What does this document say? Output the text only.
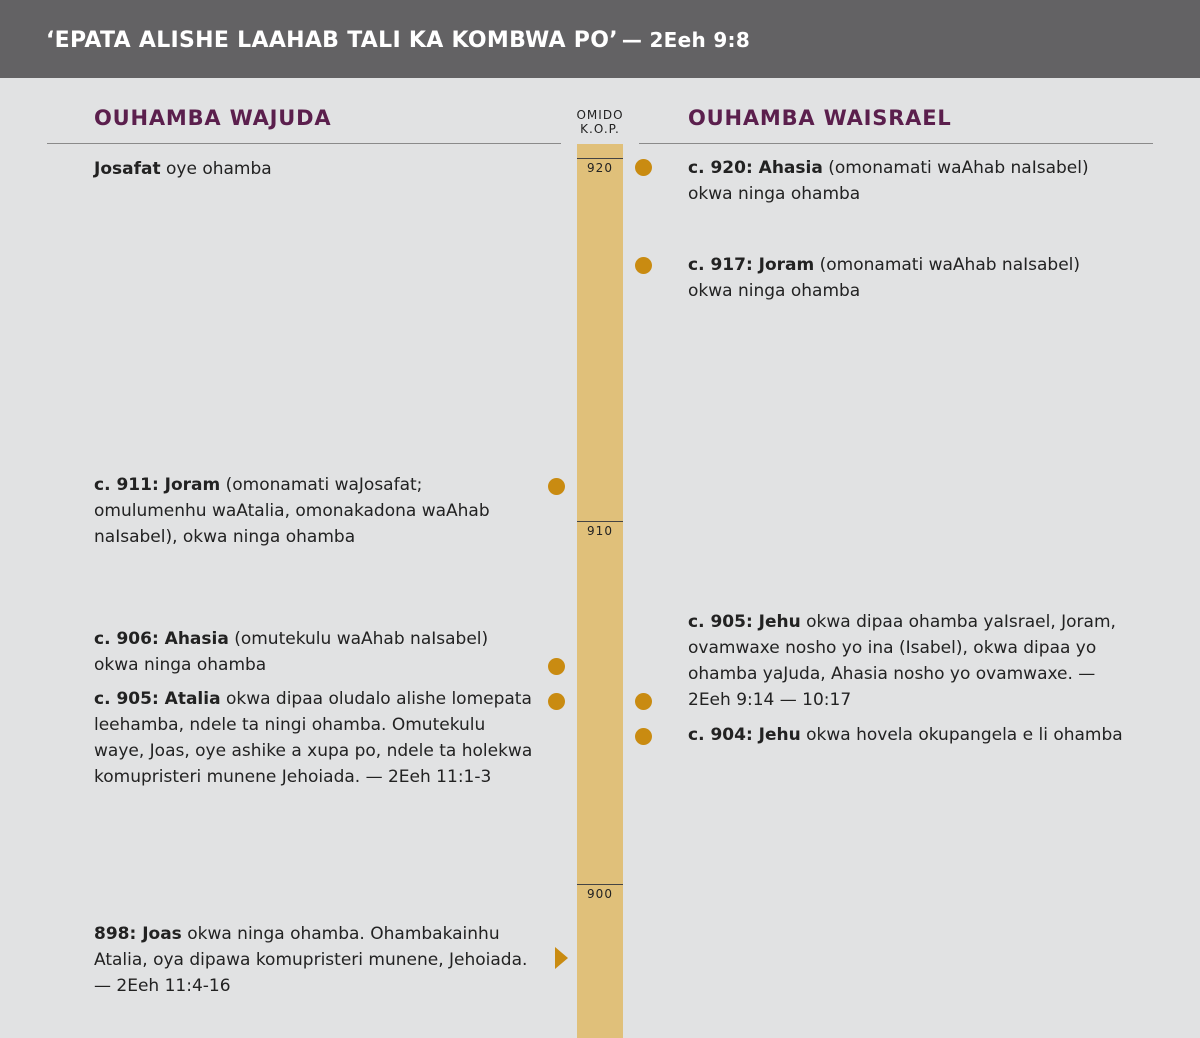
‘EPATA ALISHE LAAHAB TALI KA KOMBWA PO’ — 2Eeh 9:8
OUHAMBA WAJUDA	OUHAMBA WAISRAEL
OMIDO
K.O.P.
920
910
900
Josafat oye ohamba
c. 911: Joram (omonamati waJosafat; omulumenhu waAtalia, omonakadona waAhab naIsabel), okwa ninga ohamba
c. 906: Ahasia (omutekulu waAhab naIsabel) okwa ninga ohamba
c. 905: Atalia okwa dipaa oludalo alishe lomepata leehamba, ndele ta ningi ohamba. Omutekulu waye, Joas, oye ashike a xupa po, ndele ta holekwa komupristeri munene Jehoiada. — 2Eeh 11:1-3
898: Joas okwa ninga ohamba. Ohambakainhu Atalia, oya dipawa komupristeri munene, Jehoiada. — 2Eeh 11:4-16
c. 920: Ahasia (omonamati waAhab naIsabel) okwa ninga ohamba
c. 917: Joram (omonamati waAhab naIsabel) okwa ninga ohamba
c. 905: Jehu okwa dipaa ohamba yaIsrael, Joram, ovamwaxe nosho yo ina (Isabel), okwa dipaa yo ohamba yaJuda, Ahasia nosho yo ovamwaxe. — 2Eeh 9:14 — 10:17
c. 904: Jehu okwa hovela okupangela e li ohamba
